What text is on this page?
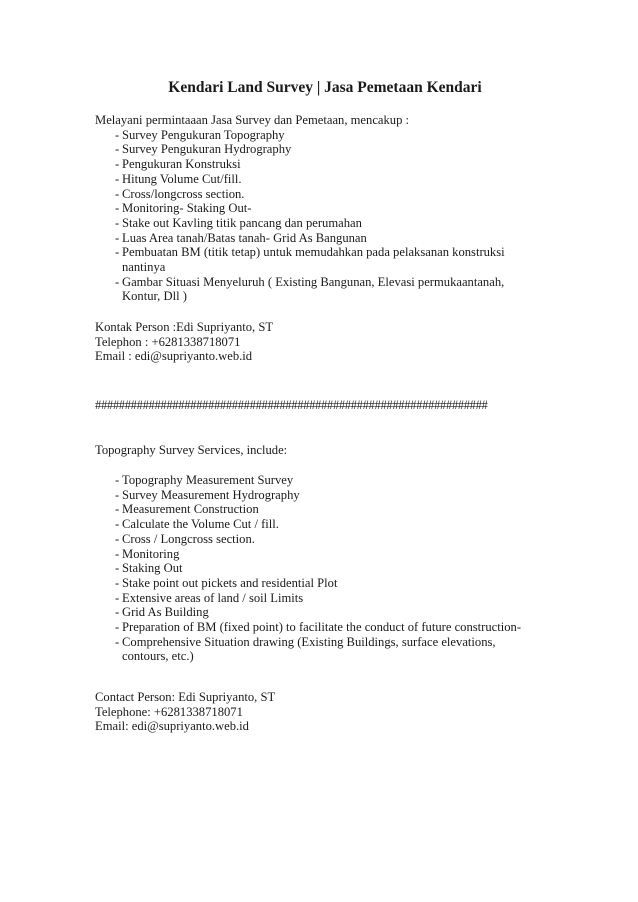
Kendari Land Survey | Jasa Pemetaan Kendari
Melayani permintaaan Jasa Survey dan Pemetaan, mencakup :
- Survey Pengukuran Topography
- Survey Pengukuran Hydrography
- Pengukuran Konstruksi
- Hitung Volume Cut/fill.
- Cross/longcross section.
- Monitoring- Staking Out-
- Stake out Kavling titik pancang dan perumahan
- Luas Area tanah/Batas tanah- Grid As Bangunan
- Pembuatan BM (titik tetap) untuk memudahkan pada pelaksanan konstruksi nantinya
- Gambar Situasi Menyeluruh ( Existing Bangunan, Elevasi permukaantanah, Kontur, Dll )
Kontak Person :Edi Supriyanto, ST
Telephon : +6281338718071
Email : edi@supriyanto.web.id
##################################################################
Topography Survey Services, include:
- Topography Measurement Survey
- Survey Measurement Hydrography
- Measurement Construction
- Calculate the Volume Cut / fill.
- Cross / Longcross section.
- Monitoring
- Staking Out
- Stake point out pickets and residential Plot
- Extensive areas of land / soil Limits
- Grid As Building
- Preparation of BM (fixed point) to facilitate the conduct of future construction-
- Comprehensive Situation drawing (Existing Buildings, surface elevations, contours, etc.)
Contact Person: Edi Supriyanto, ST
Telephone: +6281338718071
Email: edi@supriyanto.web.id
